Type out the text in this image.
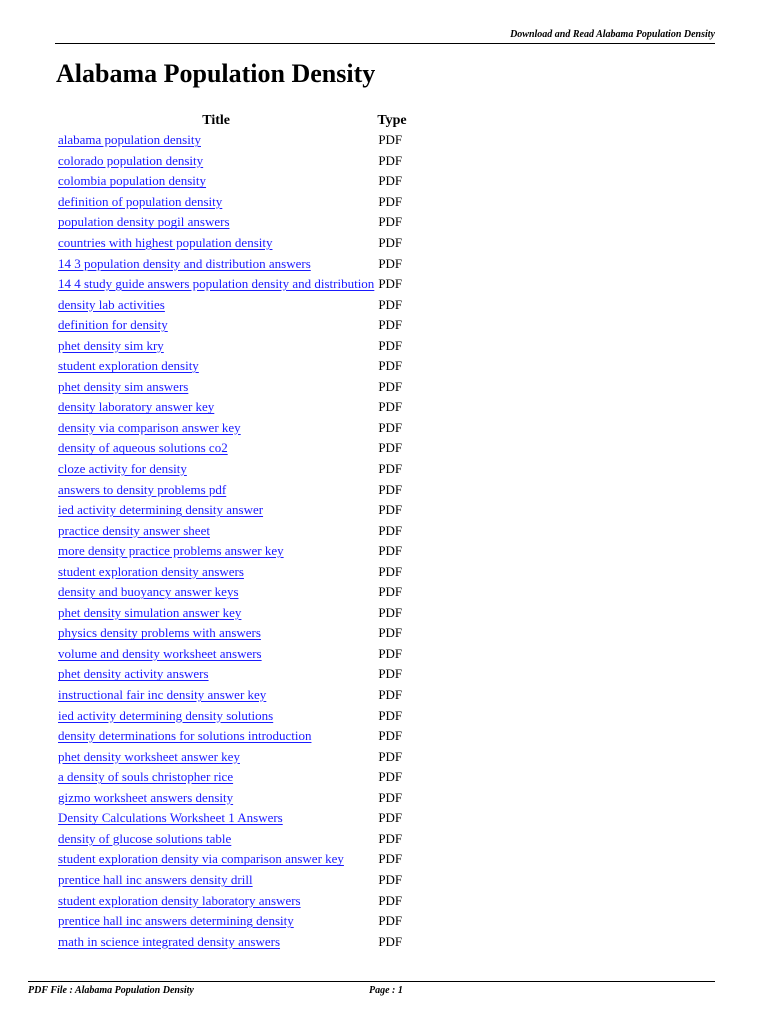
Download and Read Alabama Population Density
Alabama Population Density
Title	Type
alabama population density	PDF
colorado population density	PDF
colombia population density	PDF
definition of population density	PDF
population density pogil answers	PDF
countries with highest population density	PDF
14 3 population density and distribution answers	PDF
14 4 study guide answers population density and distribution	PDF
density lab activities	PDF
definition for density	PDF
phet density sim kry	PDF
student exploration density	PDF
phet density sim answers	PDF
density laboratory answer key	PDF
density via comparison answer key	PDF
density of aqueous solutions co2	PDF
cloze activity for density	PDF
answers to density problems pdf	PDF
ied activity determining density answer	PDF
practice density answer sheet	PDF
more density practice problems answer key	PDF
student exploration density answers	PDF
density and buoyancy answer keys	PDF
phet density simulation answer key	PDF
physics density problems with answers	PDF
volume and density worksheet answers	PDF
phet density activity answers	PDF
instructional fair inc density answer key	PDF
ied activity determining density solutions	PDF
density determinations for solutions introduction	PDF
phet density worksheet answer key	PDF
a density of souls christopher rice	PDF
gizmo worksheet answers density	PDF
Density Calculations Worksheet 1 Answers	PDF
density of glucose solutions table	PDF
student exploration density via comparison answer key	PDF
prentice hall inc answers density drill	PDF
student exploration density laboratory answers	PDF
prentice hall inc answers determining density	PDF
math in science integrated density answers	PDF
PDF File : Alabama Population Density	Page : 1
